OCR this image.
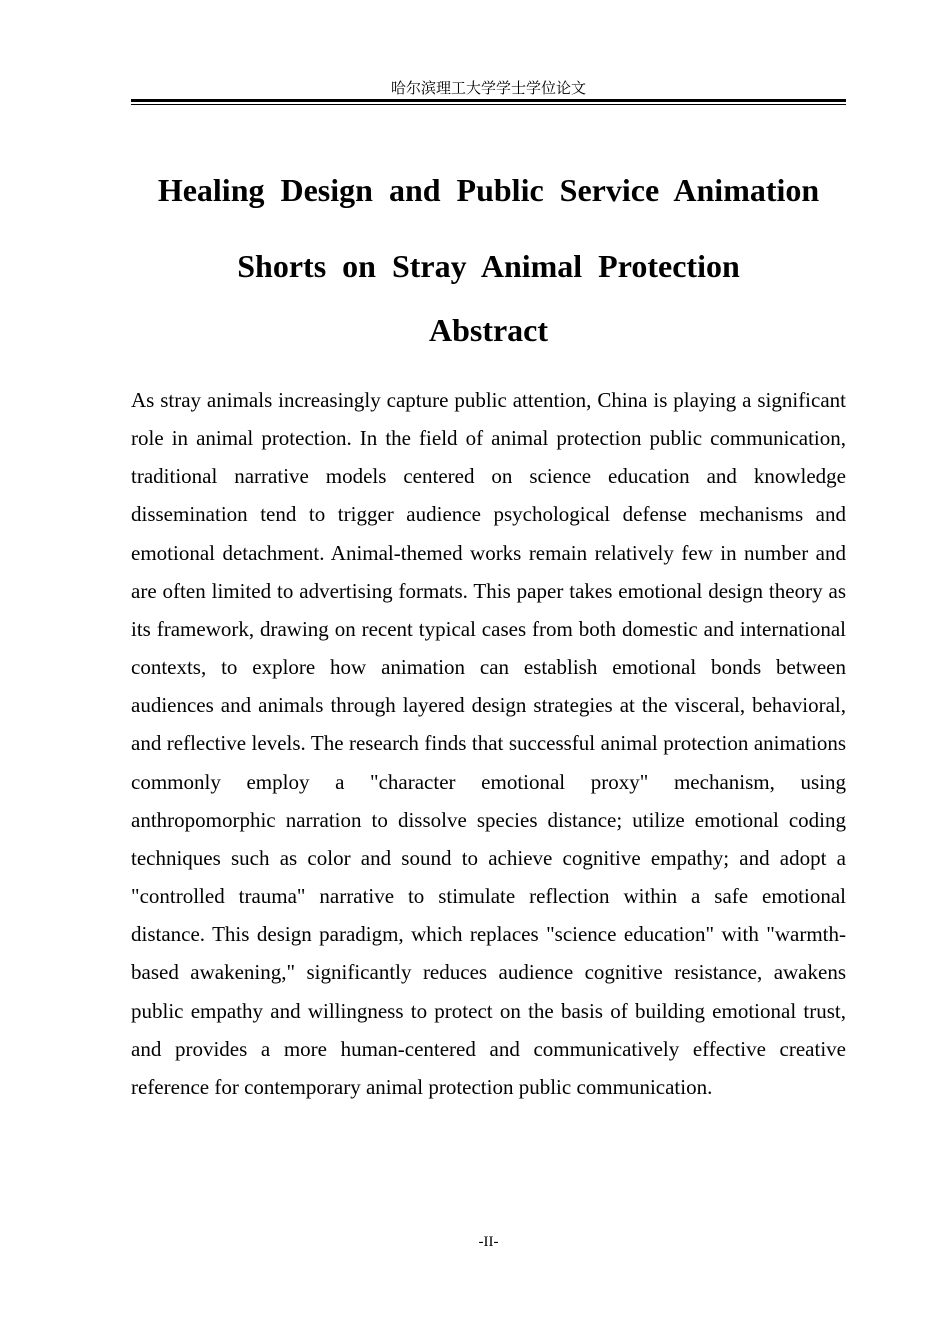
哈尔滨理工大学学士学位论文
Healing Design and Public Service Animation
Shorts on Stray Animal Protection
Abstract

As stray animals increasingly capture public attention, China is playing a significant role in animal protection. In the field of animal protection public communication, traditional narrative models centered on science education and knowledge dissemination tend to trigger audience psychological defense mechanisms and emotional detachment. Animal-themed works remain relatively few in number and are often limited to advertising formats. This paper takes emotional design theory as its framework, drawing on recent typical cases from both domestic and international contexts, to explore how animation can establish emotional bonds between audiences and animals through layered design strategies at the visceral, behavioral, and reflective levels. The research finds that successful animal protection animations commonly employ a "character emotional proxy" mechanism, using anthropomorphic narration to dissolve species distance; utilize emotional coding techniques such as color and sound to achieve cognitive empathy; and adopt a "controlled trauma" narrative to stimulate reflection within a safe emotional distance. This design paradigm, which replaces "science education" with "warmth-based awakening," significantly reduces audience cognitive resistance, awakens public empathy and willingness to protect on the basis of building emotional trust, and provides a more human-centered and communicatively effective creative reference for contemporary animal protection public communication.

-II-
